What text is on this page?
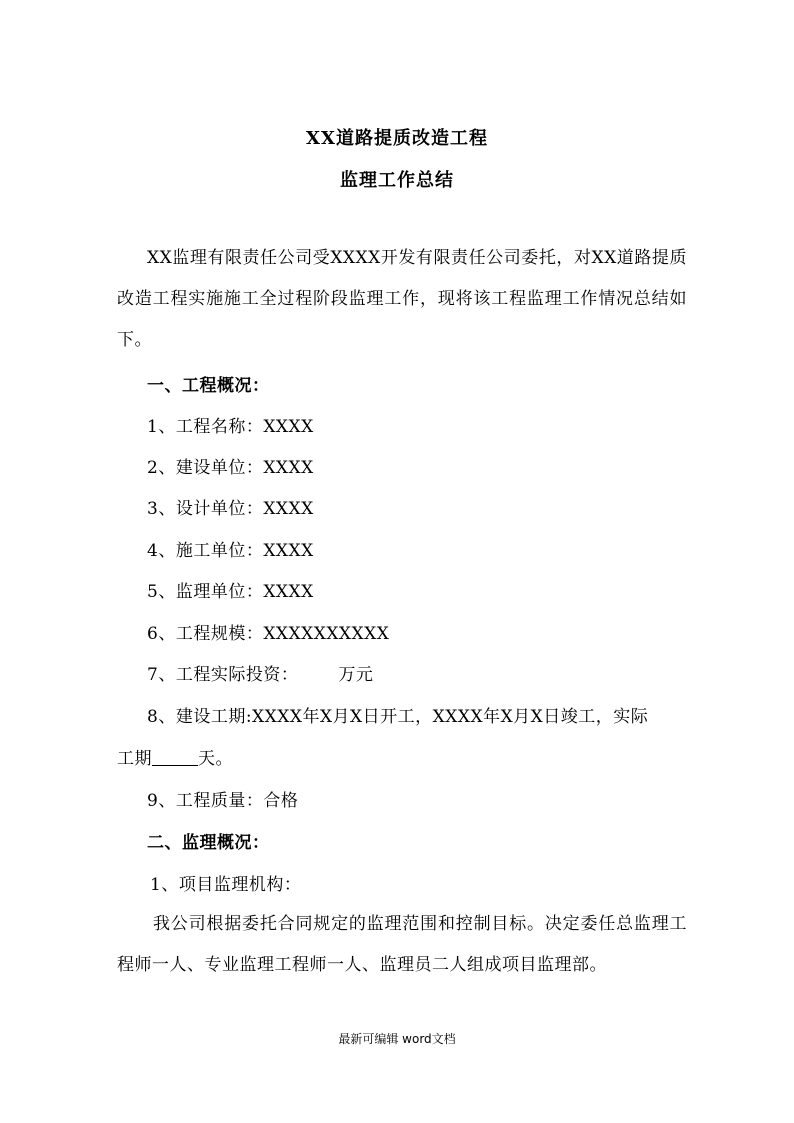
XX道路提质改造工程
监理工作总结
XX监理有限责任公司受XXXX开发有限责任公司委托，对XX道路提质改造工程实施施工全过程阶段监理工作，现将该工程监理工作情况总结如下。
一、工程概况：
1、工程名称：XXXX
2、建设单位：XXXX
3、设计单位：XXXX
4、施工单位：XXXX
5、监理单位：XXXX
6、工程规模：XXXXXXXXXX
7、工程实际投资： 万元
8、建设工期:XXXX年X月X日开工，XXXX年X月X日竣工，实际
工期	天。
9、工程质量：合格
二、监理概况：
1、项目监理机构：
我公司根据委托合同规定的监理范围和控制目标。决定委任总监理工程师一人、专业监理工程师一人、监理员二人组成项目监理部。
最新可编辑 word文档
